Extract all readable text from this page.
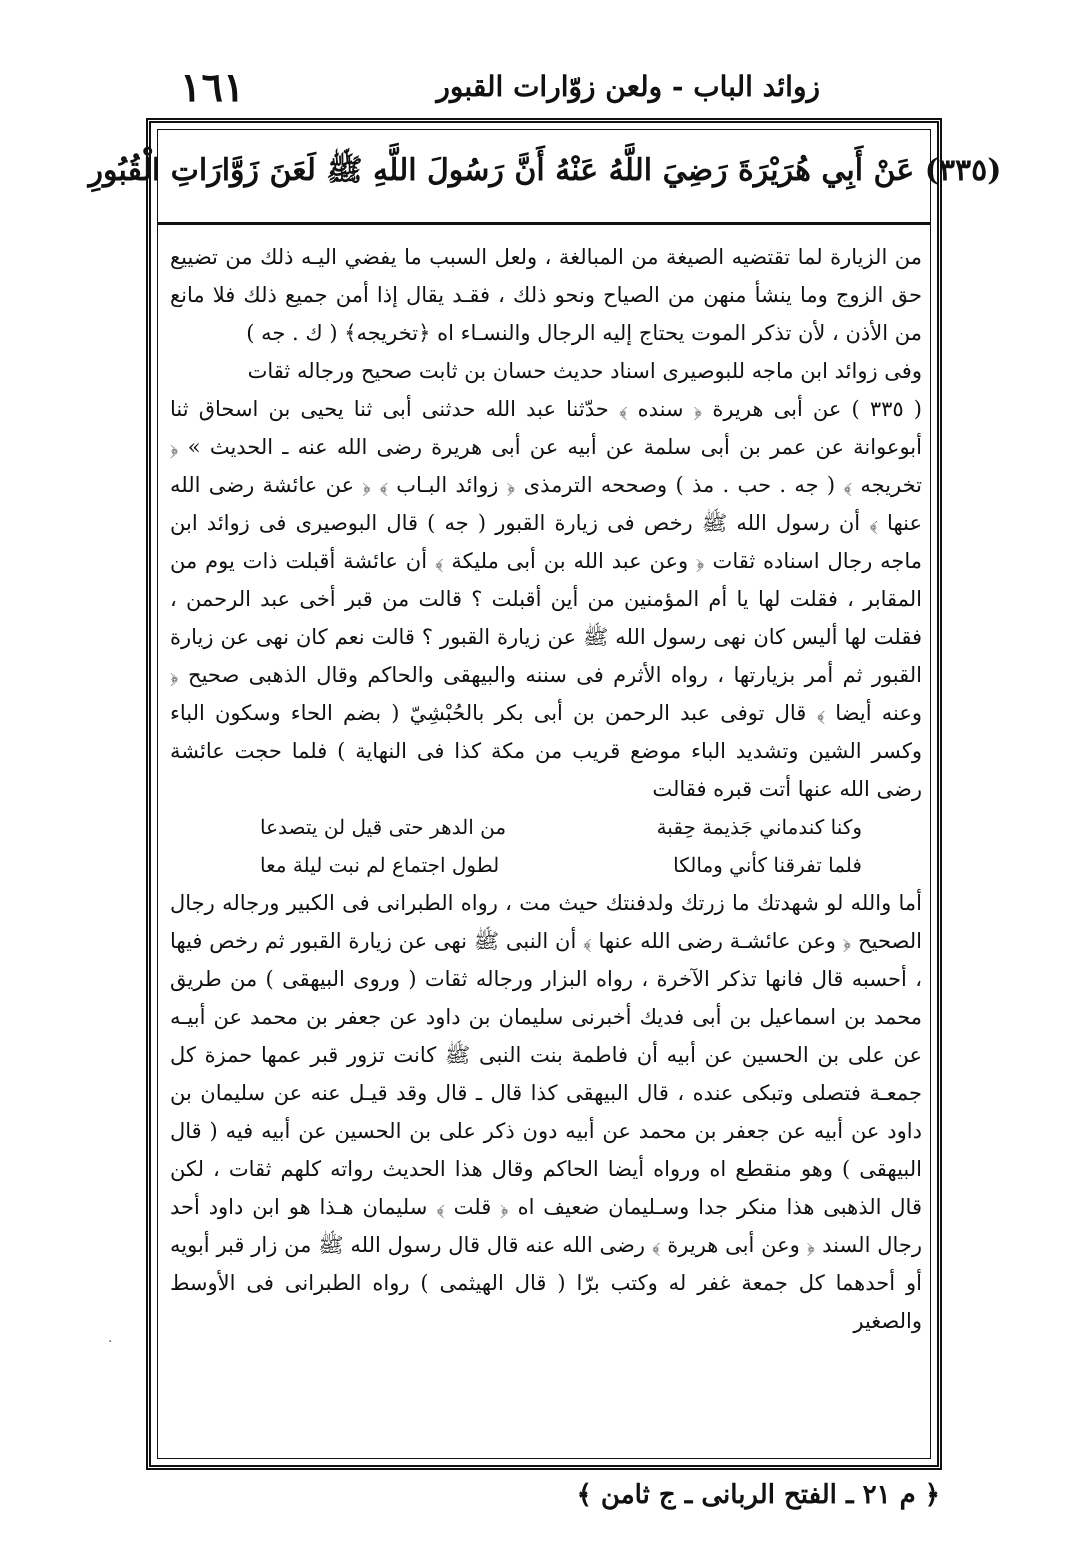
١٦١	زوائد الباب - ولعن زوّارات القبور
(٣٣٥) عَنْ أَبِي هُرَيْرَةَ رَضِيَ اللَّهُ عَنْهُ أَنَّ رَسُولَ اللَّهِ ﷺ لَعَنَ زَوَّارَاتِ الْقُبُورِ

من الزيارة لما تقتضيه الصيغة من المبالغة ، ولعل السبب ما يفضي اليـه ذلك من تضييع حق الزوج وما ينشأ منهن من الصياح ونحو ذلك ، فقـد يقال إذا أمن جميع ذلك فلا مانع من الأذن ، لأن تذكر الموت يحتاج إليه الرجال والنسـاء اه ﴿تخريجه﴾ ( ك . جه )

وفى زوائد ابن ماجه للبوصيرى اسناد حديث حسان بن ثابت صحيح ورجاله ثقات

( ٣٣٥ ) عن أبى هريرة ﴿ سنده ﴾ حدّثنا عبد الله حدثنى أبى ثنا يحيى بن اسحاق ثنا أبوعوانة عن عمر بن أبى سلمة عن أبيه عن أبى هريرة رضى الله عنه ـ الحديث » ﴿ تخريجه ﴾ ( جه . حب . مذ ) وصححه الترمذى ﴿ زوائد البـاب ﴾ ﴿ عن عائشة رضى الله عنها ﴾ أن رسول الله ﷺ رخص فى زيارة القبور ( جه ) قال البوصيرى فى زوائد ابن ماجه رجال اسناده ثقات ﴿ وعن عبد الله بن أبى مليكة ﴾ أن عائشة أقبلت ذات يوم من المقابر ، فقلت لها يا أم المؤمنين من أين أقبلت ؟ قالت من قبر أخى عبد الرحمن ، فقلت لها أليس كان نهى رسول الله ﷺ عن زيارة القبور ؟ قالت نعم كان نهى عن زيارة القبور ثم أمر بزيارتها ، رواه الأثرم فى سننه والبيهقى والحاكم وقال الذهبى صحيح ﴿ وعنه أيضا ﴾ قال توفى عبد الرحمن بن أبى بكر بالحُبْشِيّ ( بضم الحاء وسكون الباء وكسر الشين وتشديد الباء موضع قريب من مكة كذا فى النهاية ) فلما حجت عائشة رضى الله عنها أتت قبره فقالت

وكنا كندماني جَذيمة حِقبة
من الدهر حتى قيل لن يتصدعا
فلما تفرقنا كأني ومالكا
لطول اجتماع لم نبت ليلة معا

أما والله لو شهدتك ما زرتك ولدفنتك حيث مت ، رواه الطبرانى فى الكبير ورجاله رجال الصحيح ﴿ وعن عائشـة رضى الله عنها ﴾ أن النبى ﷺ نهى عن زيارة القبور ثم رخص فيها ، أحسبه قال فانها تذكر الآخرة ، رواه البزار ورجاله ثقات ( وروى البيهقى ) من طريق محمد بن اسماعيل بن أبى فديك أخبرنى سليمان بن داود عن جعفر بن محمد عن أبيـه عن على بن الحسين عن أبيه أن فاطمة بنت النبى ﷺ كانت تزور قبر عمها حمزة كل جمعـة فتصلى وتبكى عنده ، قال البيهقى كذا قال ـ قال وقد قيـل عنه عن سليمان بن داود عن أبيه عن جعفر بن محمد عن أبيه دون ذكر على بن الحسين عن أبيه فيه ( قال البيهقى ) وهو منقطع اه ورواه أيضا الحاكم وقال هذا الحديث رواته كلهم ثقات ، لكن قال الذهبى هذا منكر جدا وسـليمان ضعيف اه ﴿ قلت ﴾ سليمان هـذا هو ابن داود أحد رجال السند ﴿ وعن أبى هريرة ﴾ رضى الله عنه قال قال رسول الله ﷺ من زار قبر أبويه أو أحدهما كل جمعة غفر له وكتب برّا ( قال الهيثمى ) رواه الطبرانى فى الأوسط والصغير

·
﴿ م ٢١ ـ الفتح الربانى ـ ج ثامن ﴾
